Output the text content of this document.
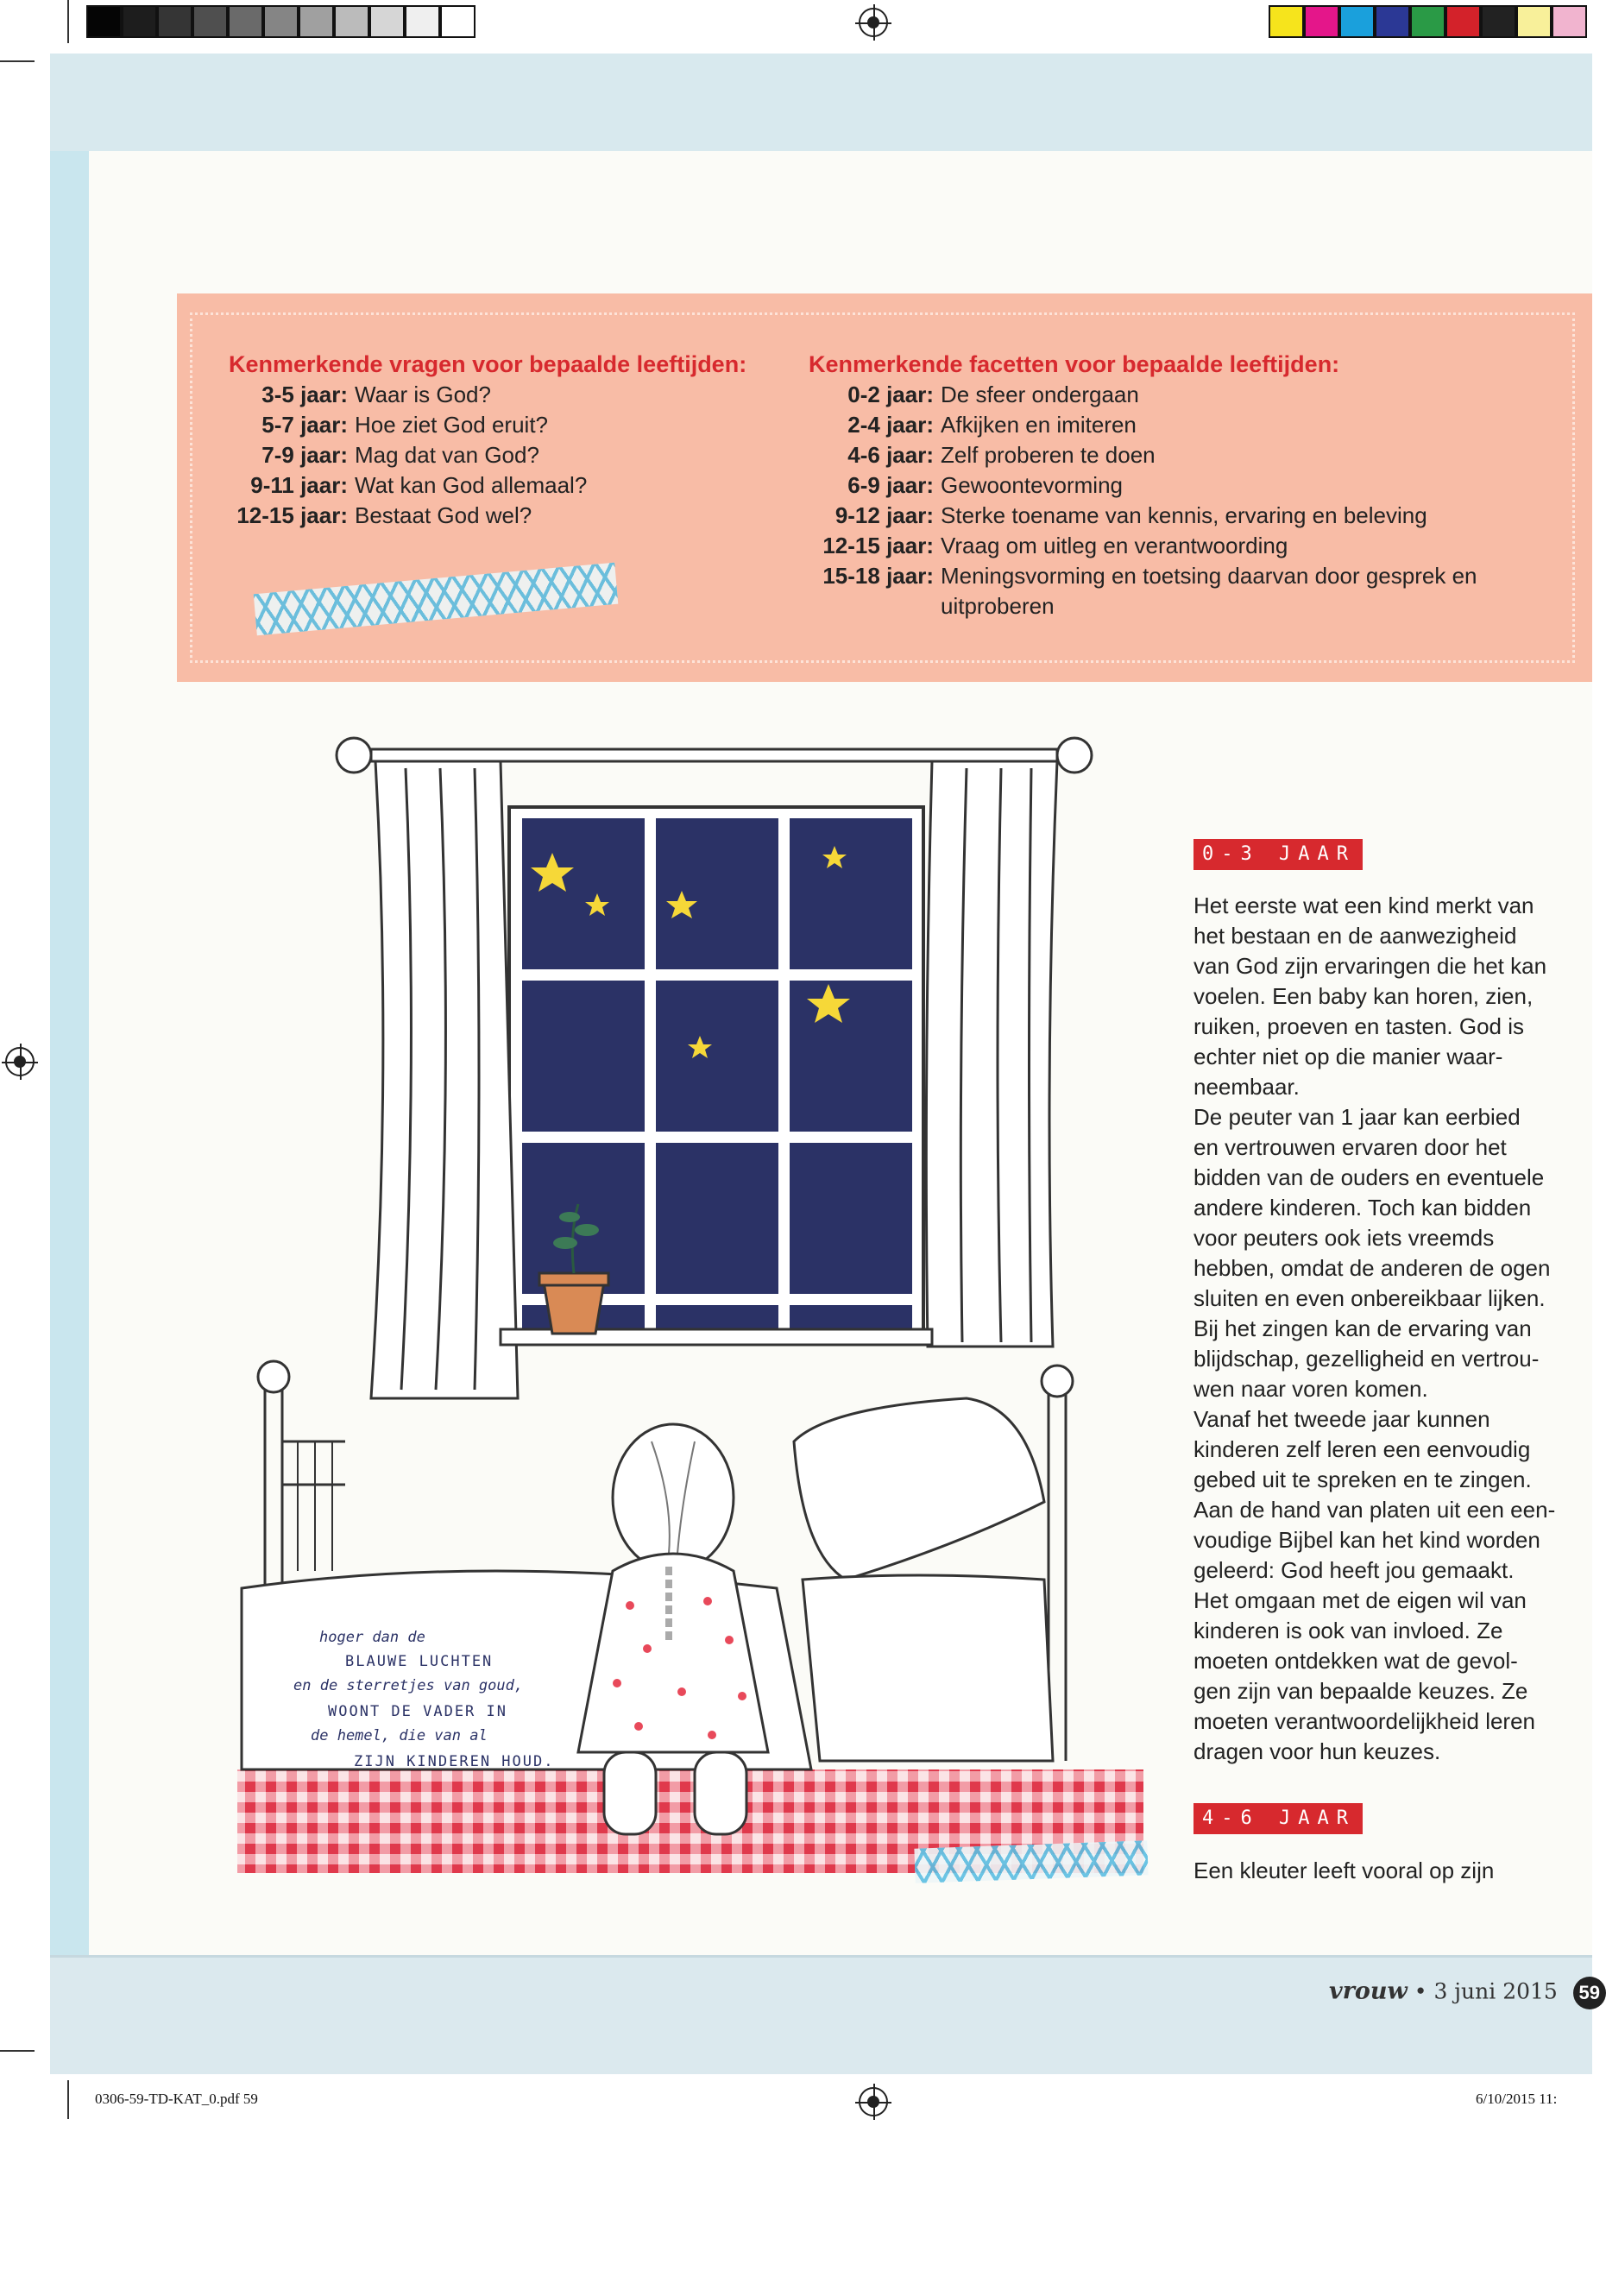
Kenmerkende vragen voor bepaalde leeftijden:
3-5 jaar: Waar is God?
5-7 jaar: Hoe ziet God eruit?
7-9 jaar: Mag dat van God?
9-11 jaar: Wat kan God allemaal?
12-15 jaar: Bestaat God wel?
Kenmerkende facetten voor bepaalde leeftijden:
0-2 jaar: De sfeer ondergaan
2-4 jaar: Afkijken en imiteren
4-6 jaar: Zelf proberen te doen
6-9 jaar: Gewoontevorming
9-12 jaar: Sterke toename van kennis, ervaring en beleving
12-15 jaar: Vraag om uitleg en verantwoording
15-18 jaar: Meningsvorming en toetsing daarvan door gesprek en
uitproberen
hoger dan de
BLAUWE LUCHTEN
en de sterretjes van goud,
WOONT DE VADER IN
de hemel, die van al
ZIJN KINDEREN HOUD.
0-3 JAAR

Het eerste wat een kind merkt van

het bestaan en de aanwezigheid

van God zijn ervaringen die het kan

voelen. Een baby kan horen, zien,

ruiken, proeven en tasten. God is

echter niet op die manier waar-

neembaar.

De peuter van 1 jaar kan eerbied

en vertrouwen ervaren door het

bidden van de ouders en eventuele

andere kinderen. Toch kan bidden

voor peuters ook iets vreemds

hebben, omdat de anderen de ogen

sluiten en even onbereikbaar lijken.

Bij het zingen kan de ervaring van

blijdschap, gezelligheid en vertrou-

wen naar voren komen.

Vanaf het tweede jaar kunnen

kinderen zelf leren een eenvoudig

gebed uit te spreken en te zingen.

Aan de hand van platen uit een een-

voudige Bijbel kan het kind worden

geleerd: God heeft jou gemaakt.

Het omgaan met de eigen wil van

kinderen is ook van invloed. Ze

moeten ontdekken wat de gevol-

gen zijn van bepaalde keuzes. Ze

moeten verantwoordelijkheid leren

dragen voor hun keuzes.

4-6 JAAR
Een kleuter leeft vooral op zijn
vrouw • 3 juni 2015 59
0306-59-TD-KAT_0.pdf 59	6/10/2015 11:
